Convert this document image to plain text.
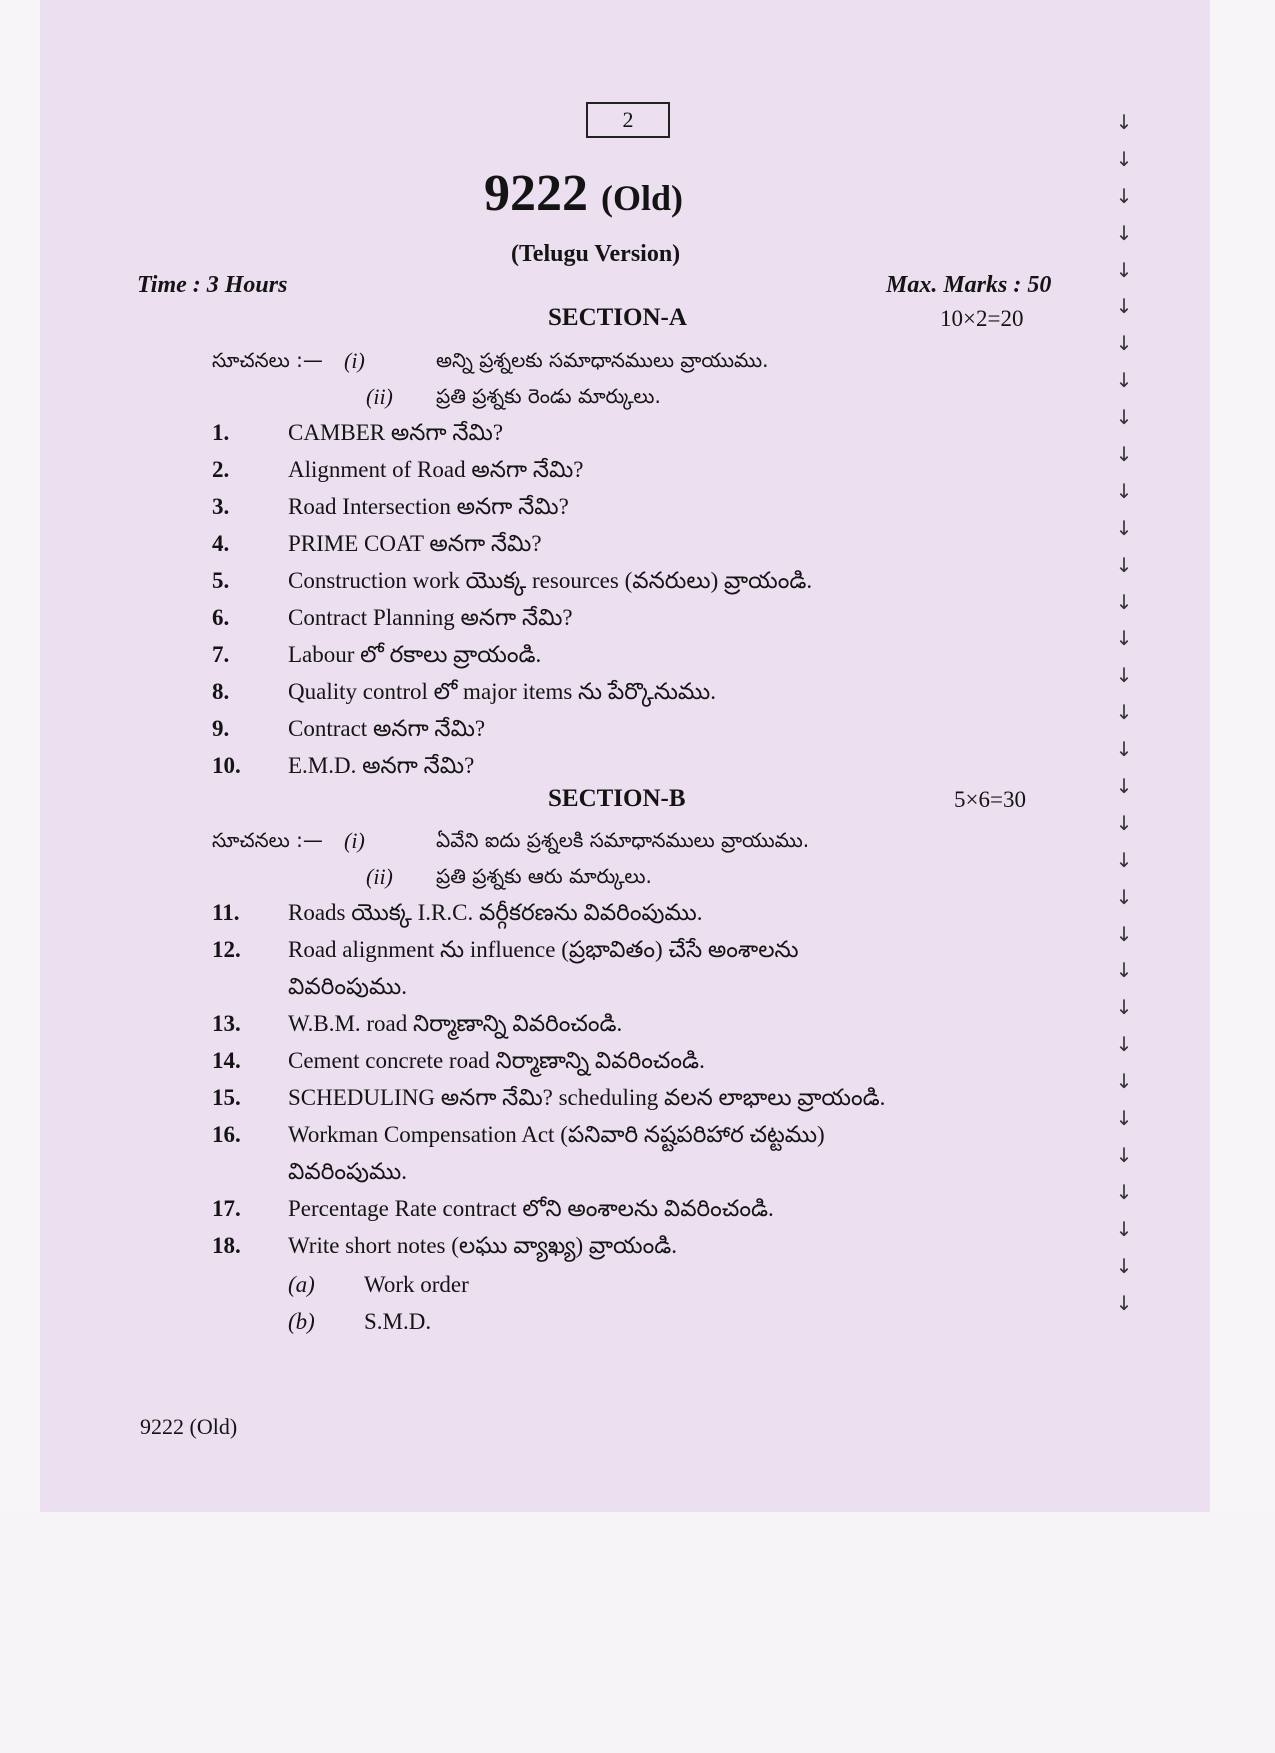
2
9222 (Old)
(Telugu Version)
Time : 3 Hours	Max. Marks : 50
SECTION-A	10×2=20
సూచనలు :— (i)	అన్ని ప్రశ్నలకు సమాధానములు వ్రాయుము.
(ii) ప్రతి ప్రశ్నకు రెండు మార్కులు.
1.	CAMBER అనగా నేమి?
2.	Alignment of Road అనగా నేమి?
3.	Road Intersection అనగా నేమి?
4.	PRIME COAT అనగా నేమి?
5.	Construction work యొక్క resources (వనరులు) వ్రాయండి.
6.	Contract Planning అనగా నేమి?
7.	Labour లో రకాలు వ్రాయండి.
8.	Quality control లో major items ను పేర్కొనుము.
9.	Contract అనగా నేమి?
10. E.M.D. అనగా నేమి?
SECTION-B	5×6=30
సూచనలు :— (i)	ఏవేని ఐదు ప్రశ్నలకి సమాధానములు వ్రాయుము.
(ii) ప్రతి ప్రశ్నకు ఆరు మార్కులు.
11. Roads యొక్క I.R.C. వర్గీకరణను వివరింపుము.
12. Road alignment ను influence (ప్రభావితం) చేసే అంశాలను
వివరింపుము.
13. W.B.M. road నిర్మాణాన్ని వివరించండి.
14. Cement concrete road నిర్మాణాన్ని వివరించండి.
15. SCHEDULING అనగా నేమి? scheduling వలన లాభాలు వ్రాయండి.
16. Workman Compensation Act (పనివారి నష్టపరిహార చట్టము)
వివరింపుము.
17. Percentage Rate contract లోని అంశాలను వివరించండి.
18. Write short notes (లఘు వ్యాఖ్య) వ్రాయండి.
(a) Work order
(b) S.M.D.
9222 (Old)
↓
↓
↓
↓
↓
↓
↓
↓
↓
↓
↓
↓
↓
↓
↓
↓
↓
↓
↓
↓
↓
↓
↓
↓
↓
↓
↓
↓
↓
↓
↓
↓
↓
